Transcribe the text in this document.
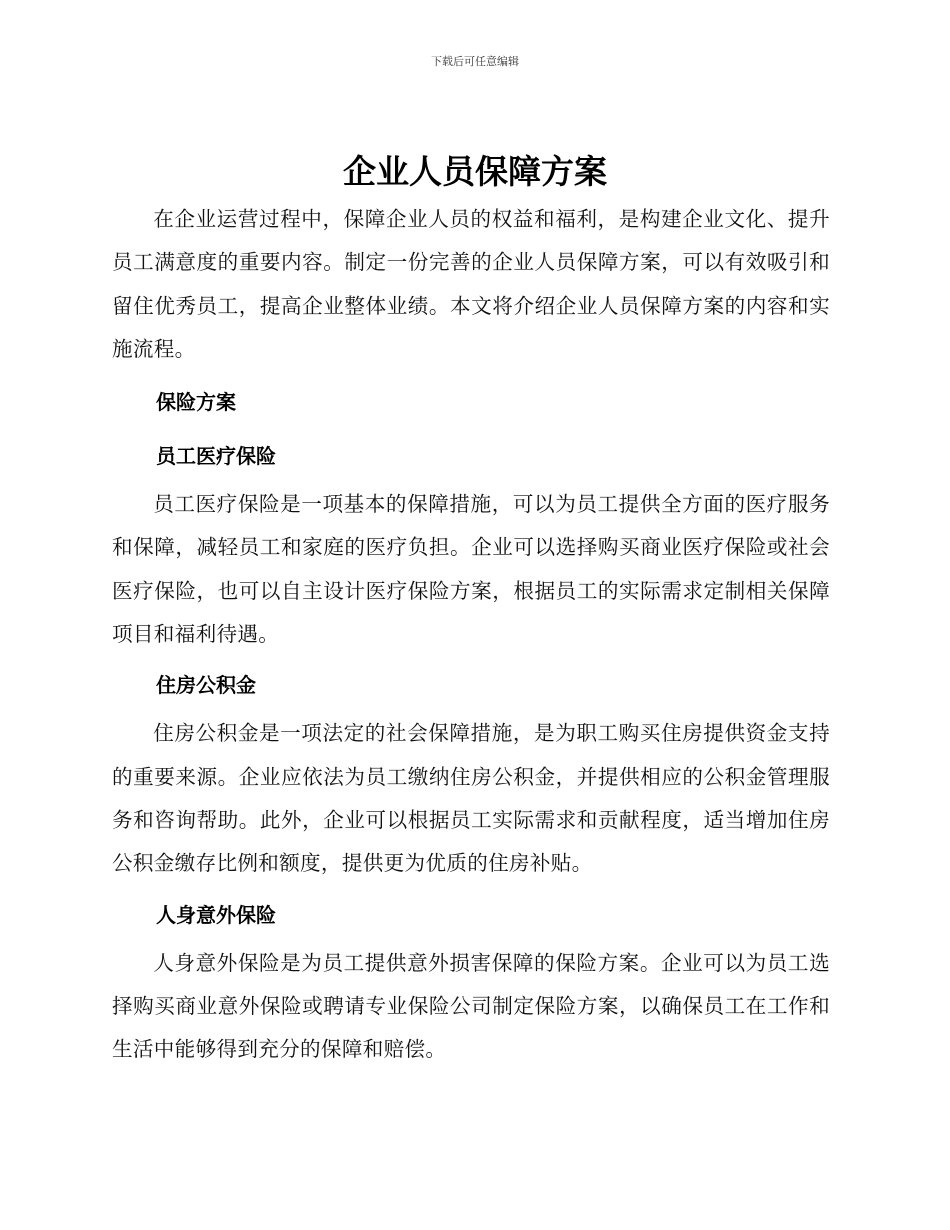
下载后可任意编辑
企业人员保障方案

在企业运营过程中，保障企业人员的权益和福利，是构建企业文化、提升员工满意度的重要内容。制定一份完善的企业人员保障方案，可以有效吸引和留住优秀员工，提高企业整体业绩。本文将介绍企业人员保障方案的内容和实施流程。

保险方案
员工医疗保险

员工医疗保险是一项基本的保障措施，可以为员工提供全方面的医疗服务和保障，减轻员工和家庭的医疗负担。企业可以选择购买商业医疗保险或社会医疗保险，也可以自主设计医疗保险方案，根据员工的实际需求定制相关保障项目和福利待遇。

住房公积金

住房公积金是一项法定的社会保障措施，是为职工购买住房提供资金支持的重要来源。企业应依法为员工缴纳住房公积金，并提供相应的公积金管理服务和咨询帮助。此外，企业可以根据员工实际需求和贡献程度，适当增加住房公积金缴存比例和额度，提供更为优质的住房补贴。

人身意外保险

人身意外保险是为员工提供意外损害保障的保险方案。企业可以为员工选择购买商业意外保险或聘请专业保险公司制定保险方案，以确保员工在工作和生活中能够得到充分的保障和赔偿。
